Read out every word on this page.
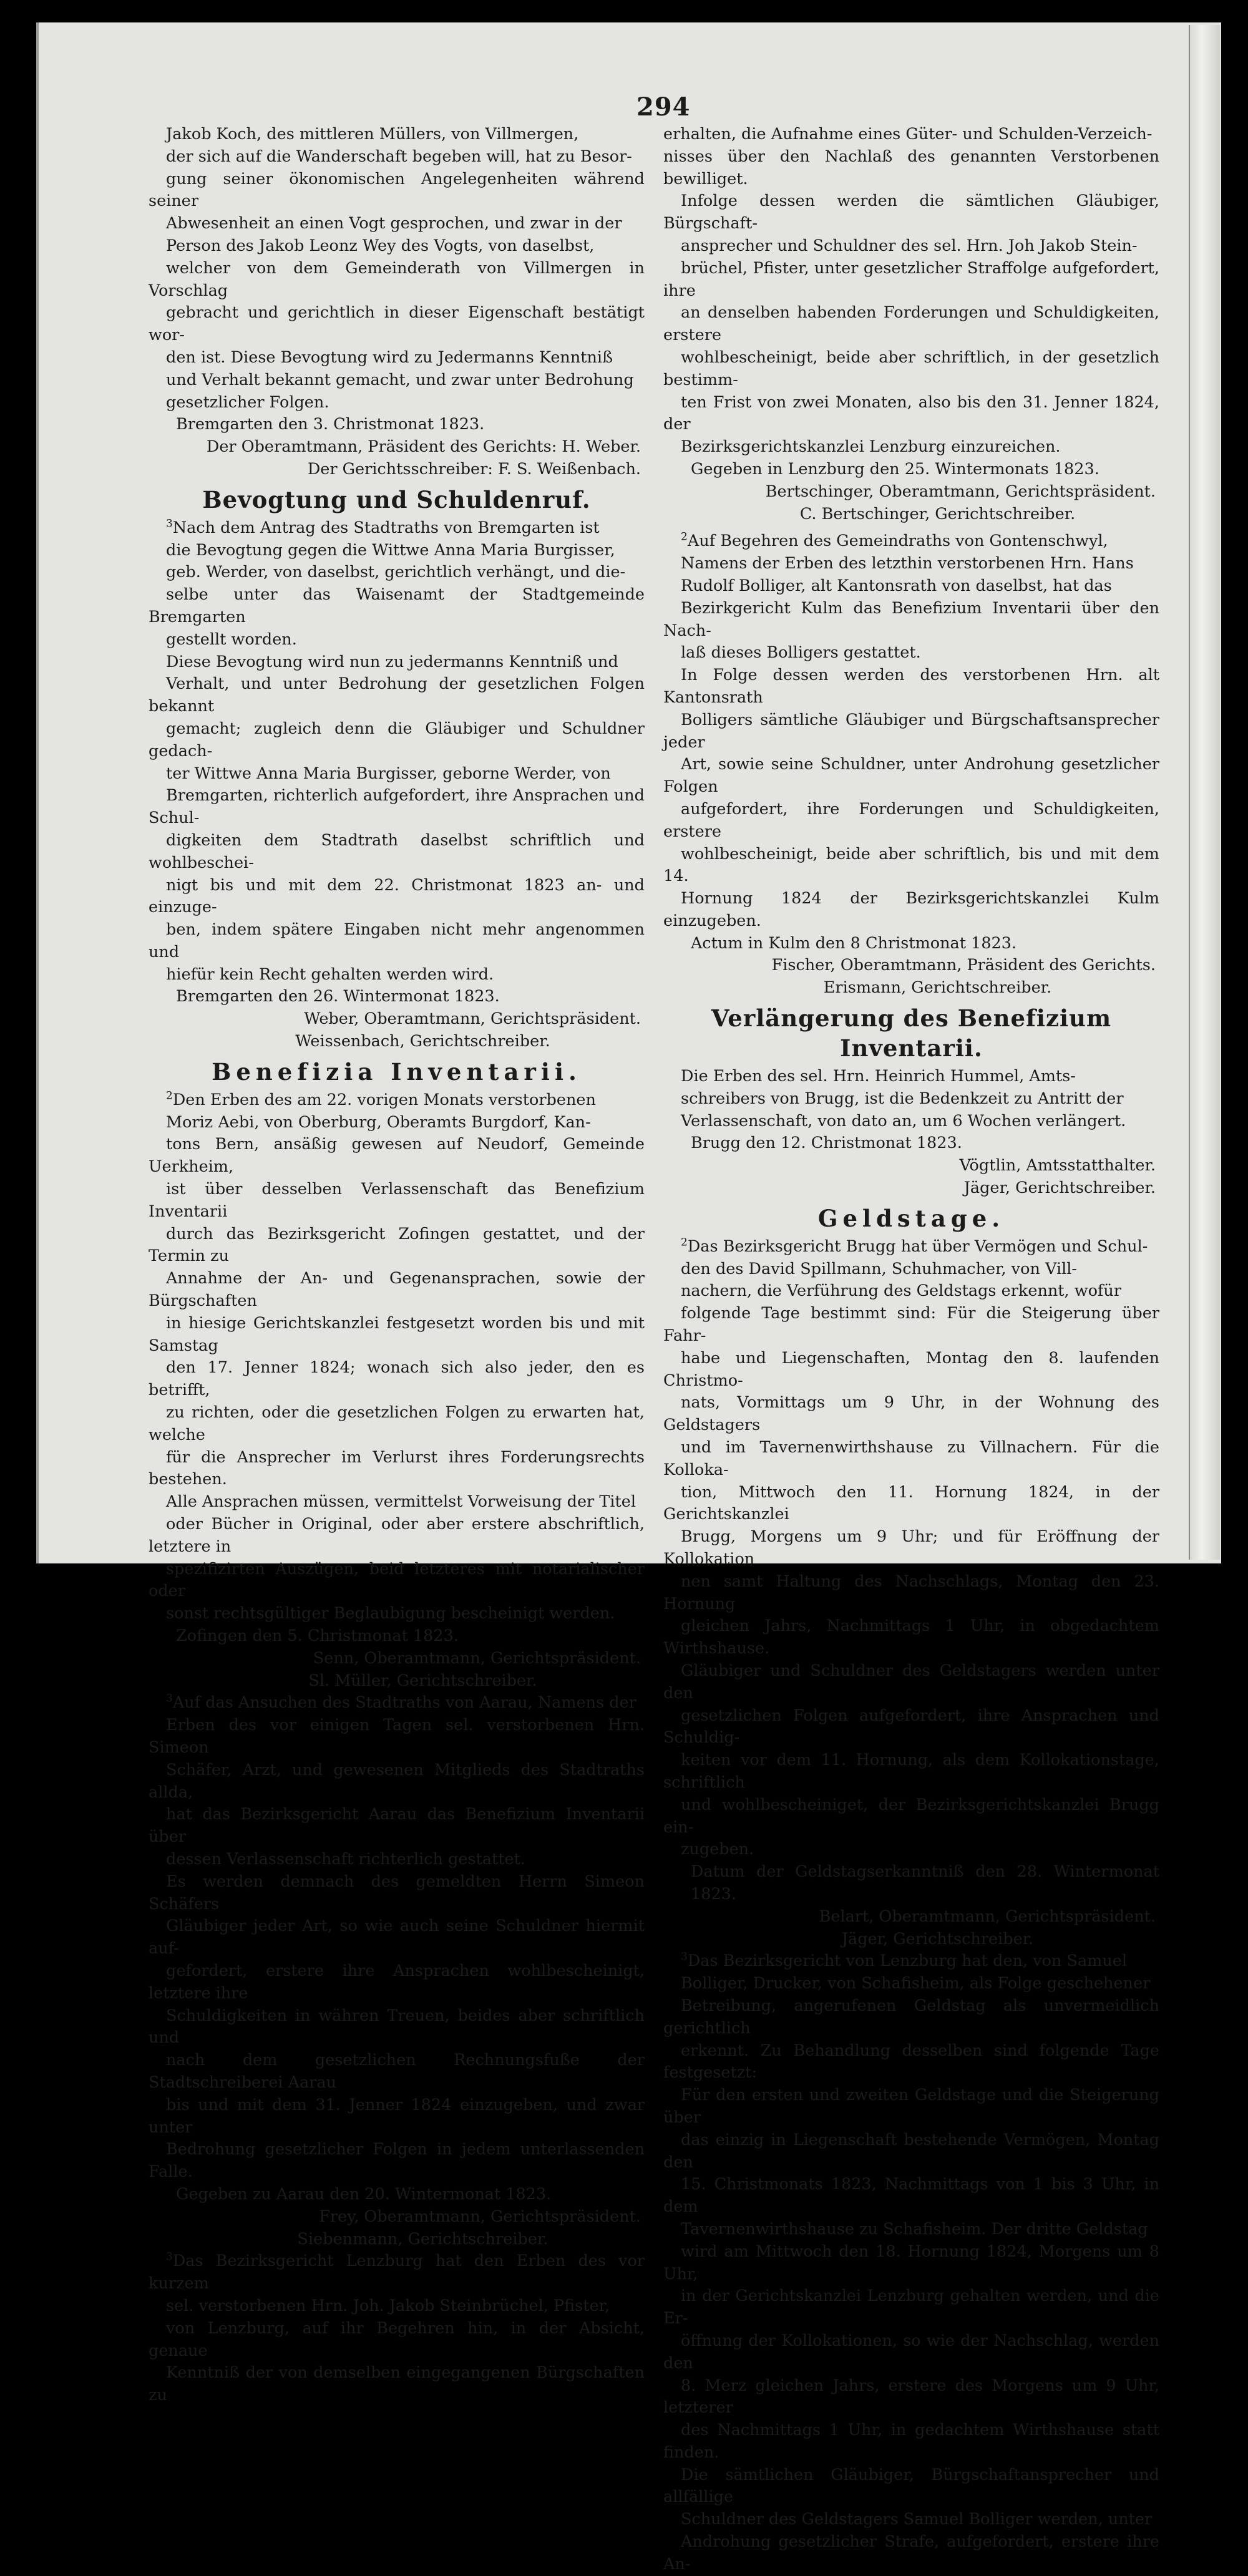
294

Jakob Koch, des mittleren Müllers, von Villmergen,
der sich auf die Wanderschaft begeben will, hat zu Besor-
gung seiner ökonomischen Angelegenheiten während seiner
Abwesenheit an einen Vogt gesprochen, und zwar in der
Person des Jakob Leonz Wey des Vogts, von daselbst,
welcher von dem Gemeinderath von Villmergen in Vorschlag
gebracht und gerichtlich in dieser Eigenschaft bestätigt wor-
den ist. Diese Bevogtung wird zu Jedermanns Kenntniß
und Verhalt bekannt gemacht, und zwar unter Bedrohung
gesetzlicher Folgen.

Bremgarten den 3. Christmonat 1823.

Der Oberamtmann, Präsident des Gerichts: H. Weber.

Der Gerichtsschreiber: F. S. Weißenbach.

Bevogtung und Schuldenruf.

$^3$Nach dem Antrag des Stadtraths von Bremgarten ist
die Bevogtung gegen die Wittwe Anna Maria Burgisser,
geb. Werder, von daselbst, gerichtlich verhängt, und die-
selbe unter das Waisenamt der Stadtgemeinde Bremgarten
gestellt worden.

Diese Bevogtung wird nun zu jedermanns Kenntniß und
Verhalt, und unter Bedrohung der gesetzlichen Folgen bekannt
gemacht; zugleich denn die Gläubiger und Schuldner gedach-
ter Wittwe Anna Maria Burgisser, geborne Werder, von
Bremgarten, richterlich aufgefordert, ihre Ansprachen und Schul-
digkeiten dem Stadtrath daselbst schriftlich und wohlbeschei-
nigt bis und mit dem 22. Christmonat 1823 an- und einzuge-
ben, indem spätere Eingaben nicht mehr angenommen und
hiefür kein Recht gehalten werden wird.

Bremgarten den 26. Wintermonat 1823.

Weber, Oberamtmann, Gerichtspräsident.

Weissenbach, Gerichtschreiber.

Benefizia Inventarii.

$^2$Den Erben des am 22. vorigen Monats verstorbenen
Moriz Aebi, von Oberburg, Oberamts Burgdorf, Kan-
tons Bern, ansäßig gewesen auf Neudorf, Gemeinde Uerkheim,
ist über desselben Verlassenschaft das Benefizium Inventarii
durch das Bezirksgericht Zofingen gestattet, und der Termin zu
Annahme der An- und Gegenansprachen, sowie der Bürgschaften
in hiesige Gerichtskanzlei festgesetzt worden bis und mit Samstag
den 17. Jenner 1824; wonach sich also jeder, den es betrifft,
zu richten, oder die gesetzlichen Folgen zu erwarten hat, welche
für die Ansprecher im Verlurst ihres Forderungsrechts bestehen.

Alle Ansprachen müssen, vermittelst Vorweisung der Titel
oder Bücher in Original, oder aber erstere abschriftlich, letztere in
spezifizirten Auszügen, beid letzteres mit notarialischer oder
sonst rechtsgültiger Beglaubigung bescheinigt werden.

Zofingen den 5. Christmonat 1823.

Senn, Oberamtmann, Gerichtspräsident.

Sl. Müller, Gerichtschreiber.

$^3$Auf das Ansuchen des Stadtraths von Aarau, Namens der
Erben des vor einigen Tagen sel. verstorbenen Hrn. Simeon
Schäfer, Arzt, und gewesenen Mitglieds des Stadtraths allda,
hat das Bezirksgericht Aarau das Benefizium Inventarii über
dessen Verlassenschaft richterlich gestattet.

Es werden demnach des gemeldten Herrn Simeon Schäfers
Gläubiger jeder Art, so wie auch seine Schuldner hiermit auf-
gefordert, erstere ihre Ansprachen wohlbescheinigt, letztere ihre
Schuldigkeiten in währen Treuen, beides aber schriftlich und
nach dem gesetzlichen Rechnungsfuße der Stadtschreiberei Aarau
bis und mit dem 31. Jenner 1824 einzugeben, und zwar unter
Bedrohung gesetzlicher Folgen in jedem unterlassenden Falle.

Gegeben zu Aarau den 20. Wintermonat 1823.

Frey, Oberamtmann, Gerichtspräsident.

Siebenmann, Gerichtschreiber.

$^3$Das Bezirksgericht Lenzburg hat den Erben des vor kurzem
sel. verstorbenen Hrn. Joh. Jakob Steinbrüchel, Pfister,
von Lenzburg, auf ihr Begehren hin, in der Absicht, genaue
Kenntniß der von demselben eingegangenen Bürgschaften zu

erhalten, die Aufnahme eines Güter- und Schulden-Verzeich-
nisses über den Nachlaß des genannten Verstorbenen bewilliget.

Infolge dessen werden die sämtlichen Gläubiger, Bürgschaft-
ansprecher und Schuldner des sel. Hrn. Joh Jakob Stein-
brüchel, Pfister, unter gesetzlicher Straffolge aufgefordert, ihre
an denselben habenden Forderungen und Schuldigkeiten, erstere
wohlbescheinigt, beide aber schriftlich, in der gesetzlich bestimm-
ten Frist von zwei Monaten, also bis den 31. Jenner 1824, der
Bezirksgerichtskanzlei Lenzburg einzureichen.

Gegeben in Lenzburg den 25. Wintermonats 1823.

Bertschinger, Oberamtmann, Gerichtspräsident.

C. Bertschinger, Gerichtschreiber.

$^2$Auf Begehren des Gemeindraths von Gontenschwyl,
Namens der Erben des letzthin verstorbenen Hrn. Hans
Rudolf Bolliger, alt Kantonsrath von daselbst, hat das
Bezirkgericht Kulm das Benefizium Inventarii über den Nach-
laß dieses Bolligers gestattet.

In Folge dessen werden des verstorbenen Hrn. alt Kantonsrath
Bolligers sämtliche Gläubiger und Bürgschaftsansprecher jeder
Art, sowie seine Schuldner, unter Androhung gesetzlicher Folgen
aufgefordert, ihre Forderungen und Schuldigkeiten, erstere
wohlbescheinigt, beide aber schriftlich, bis und mit dem 14.
Hornung 1824 der Bezirksgerichtskanzlei Kulm einzugeben.

Actum in Kulm den 8 Christmonat 1823.

Fischer, Oberamtmann, Präsident des Gerichts.

Erismann, Gerichtschreiber.

Verlängerung des Benefizium Inventarii.

Die Erben des sel. Hrn. Heinrich Hummel, Amts-
schreibers von Brugg, ist die Bedenkzeit zu Antritt der
Verlassenschaft, von dato an, um 6 Wochen verlängert.

Brugg den 12. Christmonat 1823.

Vögtlin, Amtsstatthalter.

Jäger, Gerichtschreiber.

Geldstage.

$^2$Das Bezirksgericht Brugg hat über Vermögen und Schul-
den des David Spillmann, Schuhmacher, von Vill-
nachern, die Verführung des Geldstags erkennt, wofür
folgende Tage bestimmt sind: Für die Steigerung über Fahr-
habe und Liegenschaften, Montag den 8. laufenden Christmo-
nats, Vormittags um 9 Uhr, in der Wohnung des Geldstagers
und im Tavernenwirthshause zu Villnachern. Für die Kolloka-
tion, Mittwoch den 11. Hornung 1824, in der Gerichtskanzlei
Brugg, Morgens um 9 Uhr; und für Eröffnung der Kollokation
nen samt Haltung des Nachschlags, Montag den 23. Hornung
gleichen Jahrs, Nachmittags 1 Uhr, in obgedachtem Wirthshause.

Gläubiger und Schuldner des Geldstagers werden unter den
gesetzlichen Folgen aufgefordert, ihre Ansprachen und Schuldig-
keiten vor dem 11. Hornung, als dem Kollokationstage, schriftlich
und wohlbescheiniget, der Bezirksgerichtskanzlei Brugg ein-
zugeben.

Datum der Geldstagserkanntniß den 28. Wintermonat 1823.

Belart, Oberamtmann, Gerichtspräsident.

Jäger, Gerichtschreiber.

$^3$Das Bezirksgericht von Lenzburg hat den, von Samuel
Bolliger, Drucker, von Schafisheim, als Folge geschehener
Betreibung, angerufenen Geldstag als unvermeidlich gerichtlich
erkennt. Zu Behandlung desselben sind folgende Tage festgesetzt:
Für den ersten und zweiten Geldstage und die Steigerung über
das einzig in Liegenschaft bestehende Vermögen, Montag den
15. Christmonats 1823, Nachmittags von 1 bis 3 Uhr, in dem
Tavernenwirthshause zu Schafisheim. Der dritte Geldstag
wird am Mittwoch den 18. Hornung 1824, Morgens um 8 Uhr,
in der Gerichtskanzlei Lenzburg gehalten werden, und die Er-
öffnung der Kollokationen, so wie der Nachschlag, werden den
8. Merz gleichen Jahrs, erstere des Morgens um 9 Uhr, letzterer
des Nachmittags 1 Uhr, in gedachtem Wirthshause statt finden.

Die sämtlichen Gläubiger, Bürgschaftansprecher und allfällige
Schuldner des Geldstagers Samuel Bolliger werden, unter
Androhung gesetzlicher Strafe, aufgefordert, erstere ihre An-
